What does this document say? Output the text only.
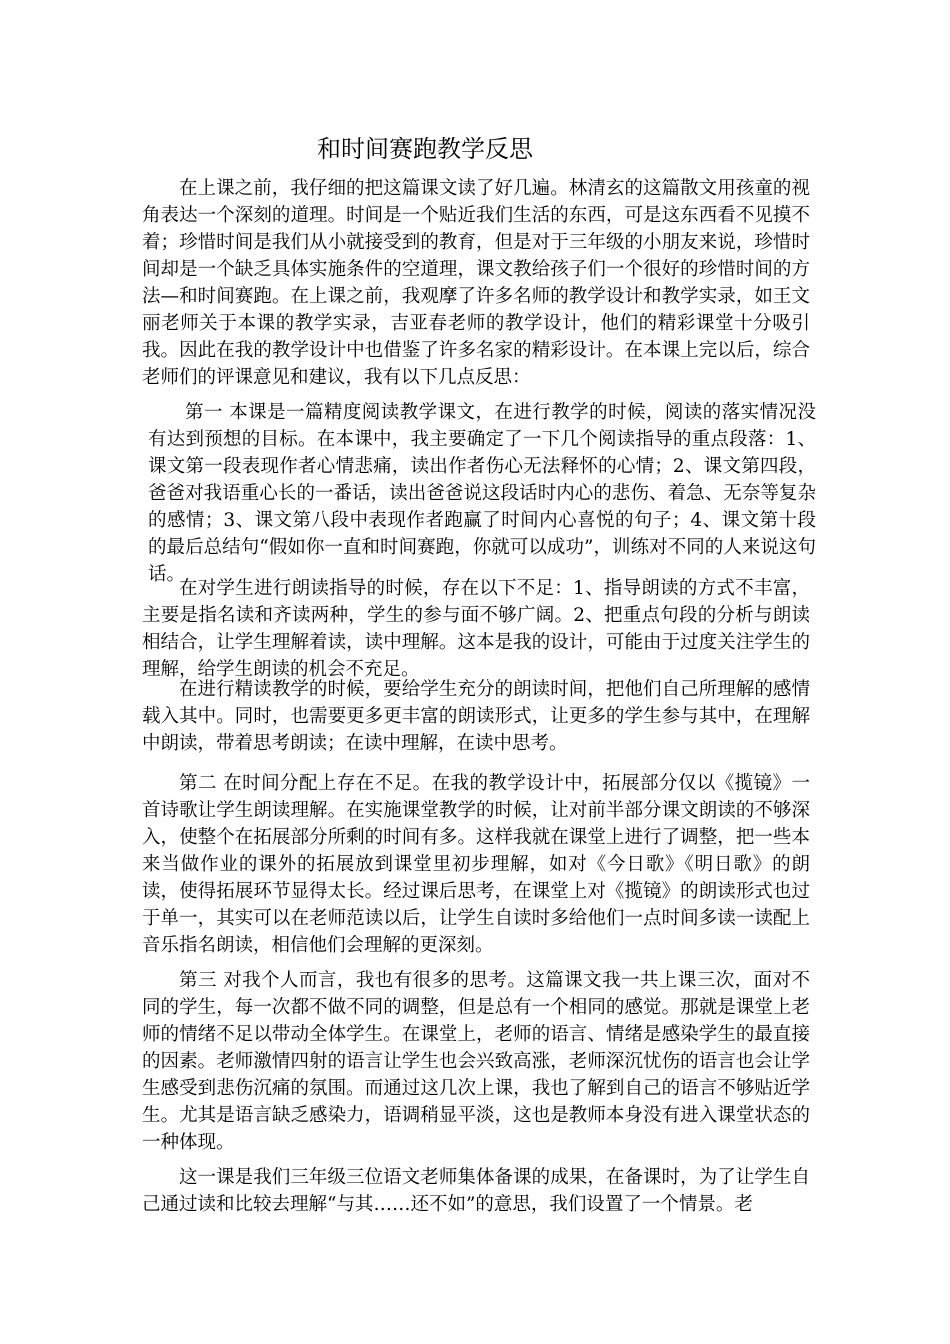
和时间赛跑教学反思

在上课之前，我仔细的把这篇课文读了好几遍。林清玄的这篇散文用孩童的视角表达一个深刻的道理。时间是一个贴近我们生活的东西，可是这东西看不见摸不着；珍惜时间是我们从小就接受到的教育，但是对于三年级的小朋友来说，珍惜时间却是一个缺乏具体实施条件的空道理，课文教给孩子们一个很好的珍惜时间的方法—和时间赛跑。在上课之前，我观摩了许多名师的教学设计和教学实录，如王文丽老师关于本课的教学实录，吉亚春老师的教学设计，他们的精彩课堂十分吸引我。因此在我的教学设计中也借鉴了许多名家的精彩设计。在本课上完以后，综合老师们的评课意见和建议，我有以下几点反思：

第一 本课是一篇精度阅读教学课文，在进行教学的时候，阅读的落实情况没有达到预想的目标。在本课中，我主要确定了一下几个阅读指导的重点段落：1、课文第一段表现作者心情悲痛，读出作者伤心无法释怀的心情；2、课文第四段，爸爸对我语重心长的一番话，读出爸爸说这段话时内心的悲伤、着急、无奈等复杂的感情；3、课文第八段中表现作者跑赢了时间内心喜悦的句子；4、课文第十段的最后总结句“假如你一直和时间赛跑，你就可以成功”，训练对不同的人来说这句话。

在对学生进行朗读指导的时候，存在以下不足：1、指导朗读的方式不丰富，主要是指名读和齐读两种，学生的参与面不够广阔。2、把重点句段的分析与朗读相结合，让学生理解着读，读中理解。这本是我的设计，可能由于过度关注学生的理解，给学生朗读的机会不充足。

在进行精读教学的时候，要给学生充分的朗读时间，把他们自己所理解的感情载入其中。同时，也需要更多更丰富的朗读形式，让更多的学生参与其中，在理解中朗读，带着思考朗读；在读中理解，在读中思考。

第二 在时间分配上存在不足。在我的教学设计中，拓展部分仅以《揽镜》一首诗歌让学生朗读理解。在实施课堂教学的时候，让对前半部分课文朗读的不够深入，使整个在拓展部分所剩的时间有多。这样我就在课堂上进行了调整，把一些本来当做作业的课外的拓展放到课堂里初步理解，如对《今日歌》《明日歌》的朗读，使得拓展环节显得太长。经过课后思考，在课堂上对《揽镜》的朗读形式也过于单一，其实可以在老师范读以后，让学生自读时多给他们一点时间多读一读配上音乐指名朗读，相信他们会理解的更深刻。

第三 对我个人而言，我也有很多的思考。这篇课文我一共上课三次，面对不同的学生，每一次都不做不同的调整，但是总有一个相同的感觉。那就是课堂上老师的情绪不足以带动全体学生。在课堂上，老师的语言、情绪是感染学生的最直接的因素。老师激情四射的语言让学生也会兴致高涨，老师深沉忧伤的语言也会让学生感受到悲伤沉痛的氛围。而通过这几次上课，我也了解到自己的语言不够贴近学生。尤其是语言缺乏感染力，语调稍显平淡，这也是教师本身没有进入课堂状态的一种体现。

这一课是我们三年级三位语文老师集体备课的成果，在备课时，为了让学生自己通过读和比较去理解“与其……还不如”的意思，我们设置了一个情景。老
